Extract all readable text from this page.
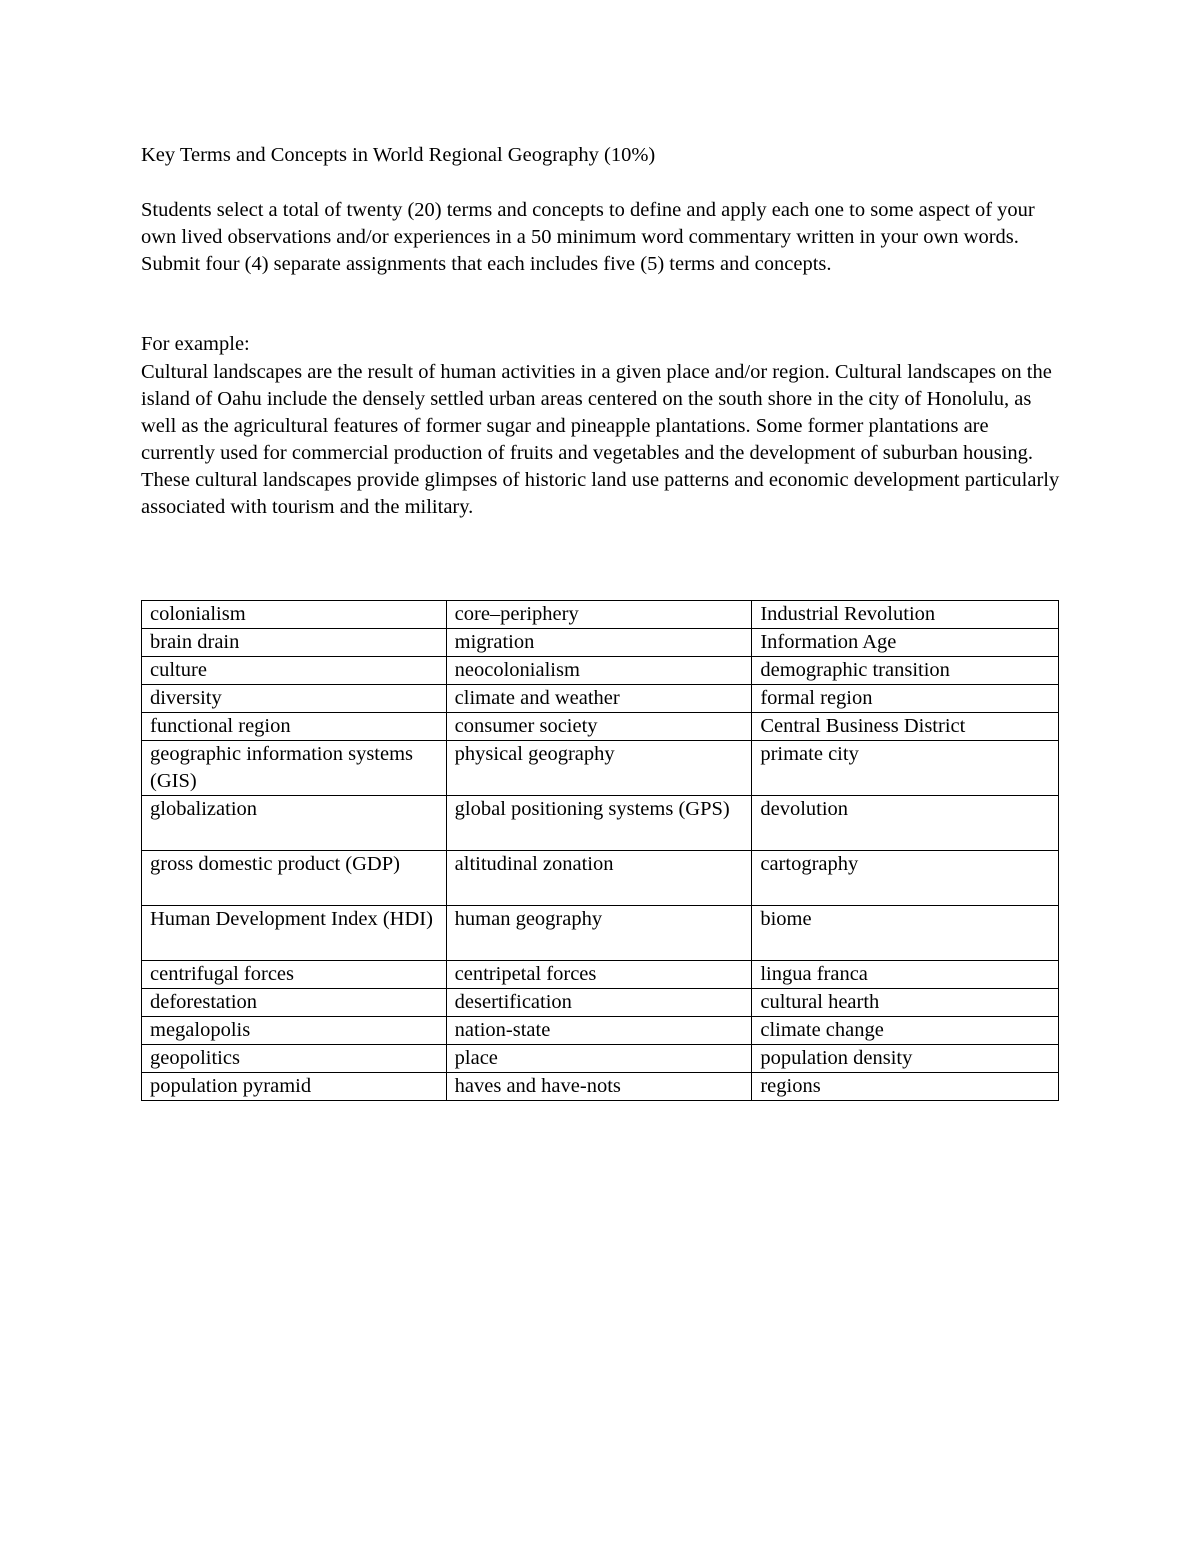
Key Terms and Concepts in World Regional Geography (10%)
Students select a total of twenty (20) terms and concepts to define and apply each one to some aspect of your own lived observations and/or experiences in a 50 minimum word commentary written in your own words. Submit four (4) separate assignments that each includes five (5) terms and concepts.
For example:
Cultural landscapes are the result of human activities in a given place and/or region. Cultural landscapes on the island of Oahu include the densely settled urban areas centered on the south shore in the city of Honolulu, as well as the agricultural features of former sugar and pineapple plantations. Some former plantations are currently used for commercial production of fruits and vegetables and the development of suburban housing. These cultural landscapes provide glimpses of historic land use patterns and economic development particularly associated with tourism and the military.
colonialism	core–periphery	Industrial Revolution
brain drain	migration	Information Age
culture	neocolonialism	demographic transition
diversity	climate and weather	formal region
functional region	consumer society	Central Business District
geographic information systems (GIS)	physical geography	primate city
globalization	global positioning systems (GPS)	devolution
gross domestic product (GDP)	altitudinal zonation	cartography
Human Development Index (HDI)	human geography	biome
centrifugal forces	centripetal forces	lingua franca
deforestation	desertification	cultural hearth
megalopolis	nation-state	climate change
geopolitics	place	population density
population pyramid	haves and have-nots	regions
